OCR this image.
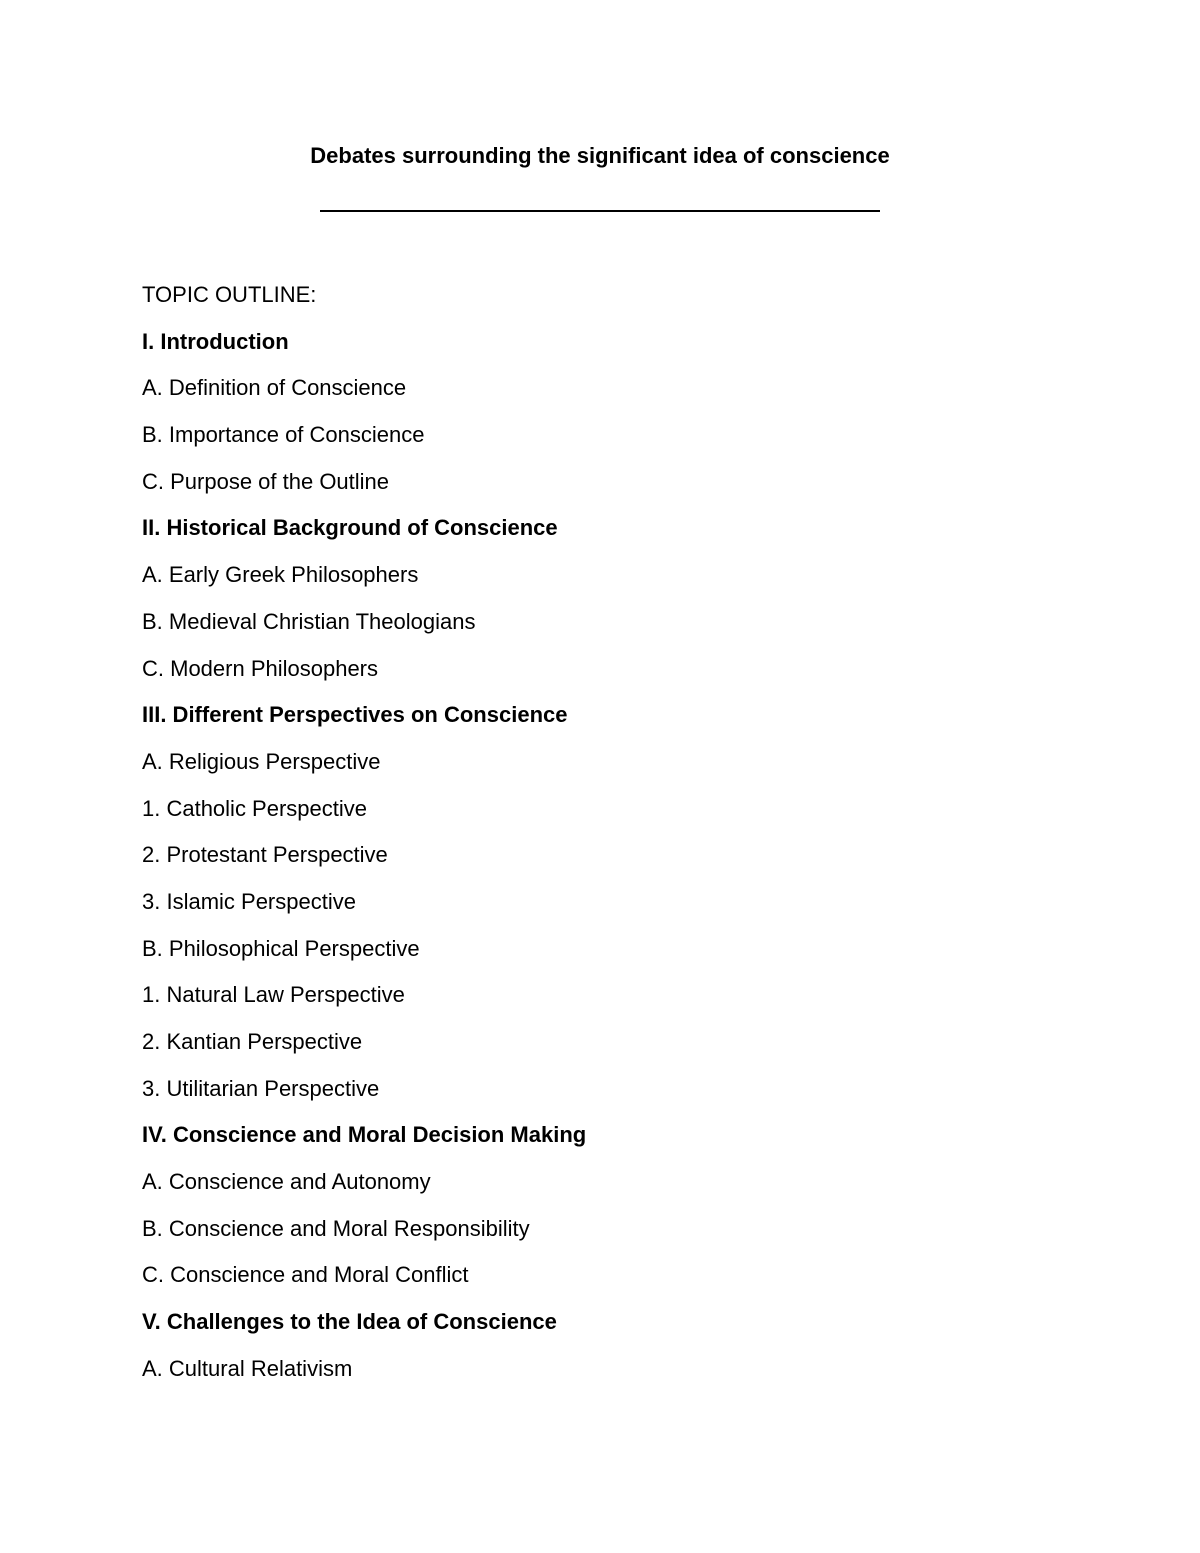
Debates surrounding the significant idea of conscience
TOPIC OUTLINE:
I. Introduction
A. Definition of Conscience
B. Importance of Conscience
C. Purpose of the Outline
II. Historical Background of Conscience
A. Early Greek Philosophers
B. Medieval Christian Theologians
C. Modern Philosophers
III. Different Perspectives on Conscience
A. Religious Perspective
1. Catholic Perspective
2. Protestant Perspective
3. Islamic Perspective
B. Philosophical Perspective
1. Natural Law Perspective
2. Kantian Perspective
3. Utilitarian Perspective
IV. Conscience and Moral Decision Making
A. Conscience and Autonomy
B. Conscience and Moral Responsibility
C. Conscience and Moral Conflict
V. Challenges to the Idea of Conscience
A. Cultural Relativism
